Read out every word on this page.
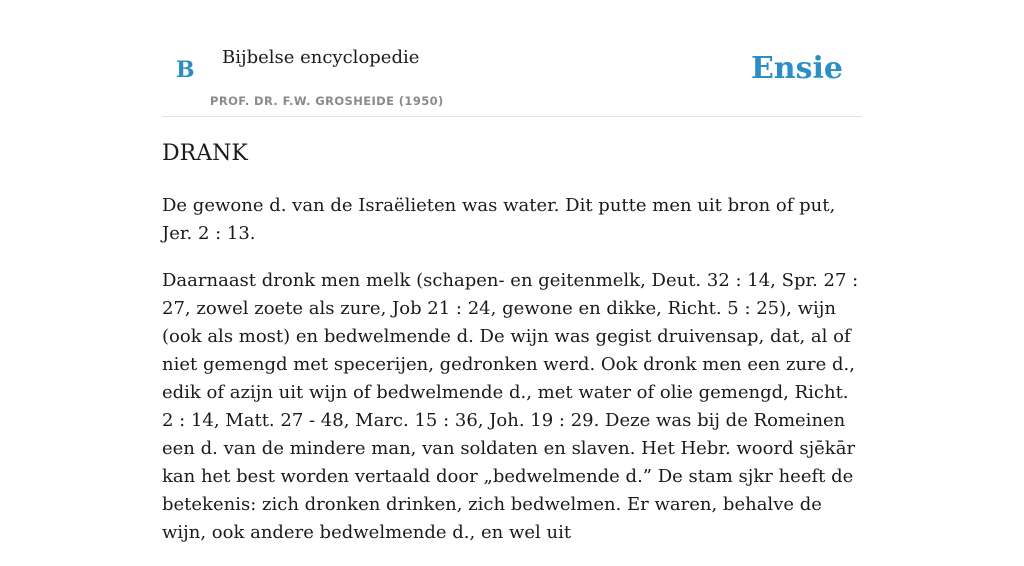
B Bijbelse encyclopedie
PROF. DR. F.W. GROSHEIDE (1950)
Ensie
DRANK

De gewone d. van de Israëlieten was water. Dit putte men uit bron of put, Jer. 2 : 13.

Daarnaast dronk men melk (schapen- en geitenmelk, Deut. 32 : 14, Spr. 27 : 27, zowel zoete als zure, Job 21 : 24, gewone en dikke, Richt. 5 : 25), wijn (ook als most) en bedwelmende d. De wijn was gegist druivensap, dat, al of niet gemengd met specerijen, gedronken werd. Ook dronk men een zure d., edik of azijn uit wijn of bedwelmende d., met water of olie gemengd, Richt. 2 : 14, Matt. 27 - 48, Marc. 15 : 36, Joh. 19 : 29. Deze was bij de Romeinen een d. van de mindere man, van soldaten en slaven. Het Hebr. woord sjēkār kan het best worden vertaald door „bedwelmende d.” De stam sjkr heeft de betekenis: zich dronken drinken, zich bedwelmen. Er waren, behalve de wijn, ook andere bedwelmende d., en wel uit
